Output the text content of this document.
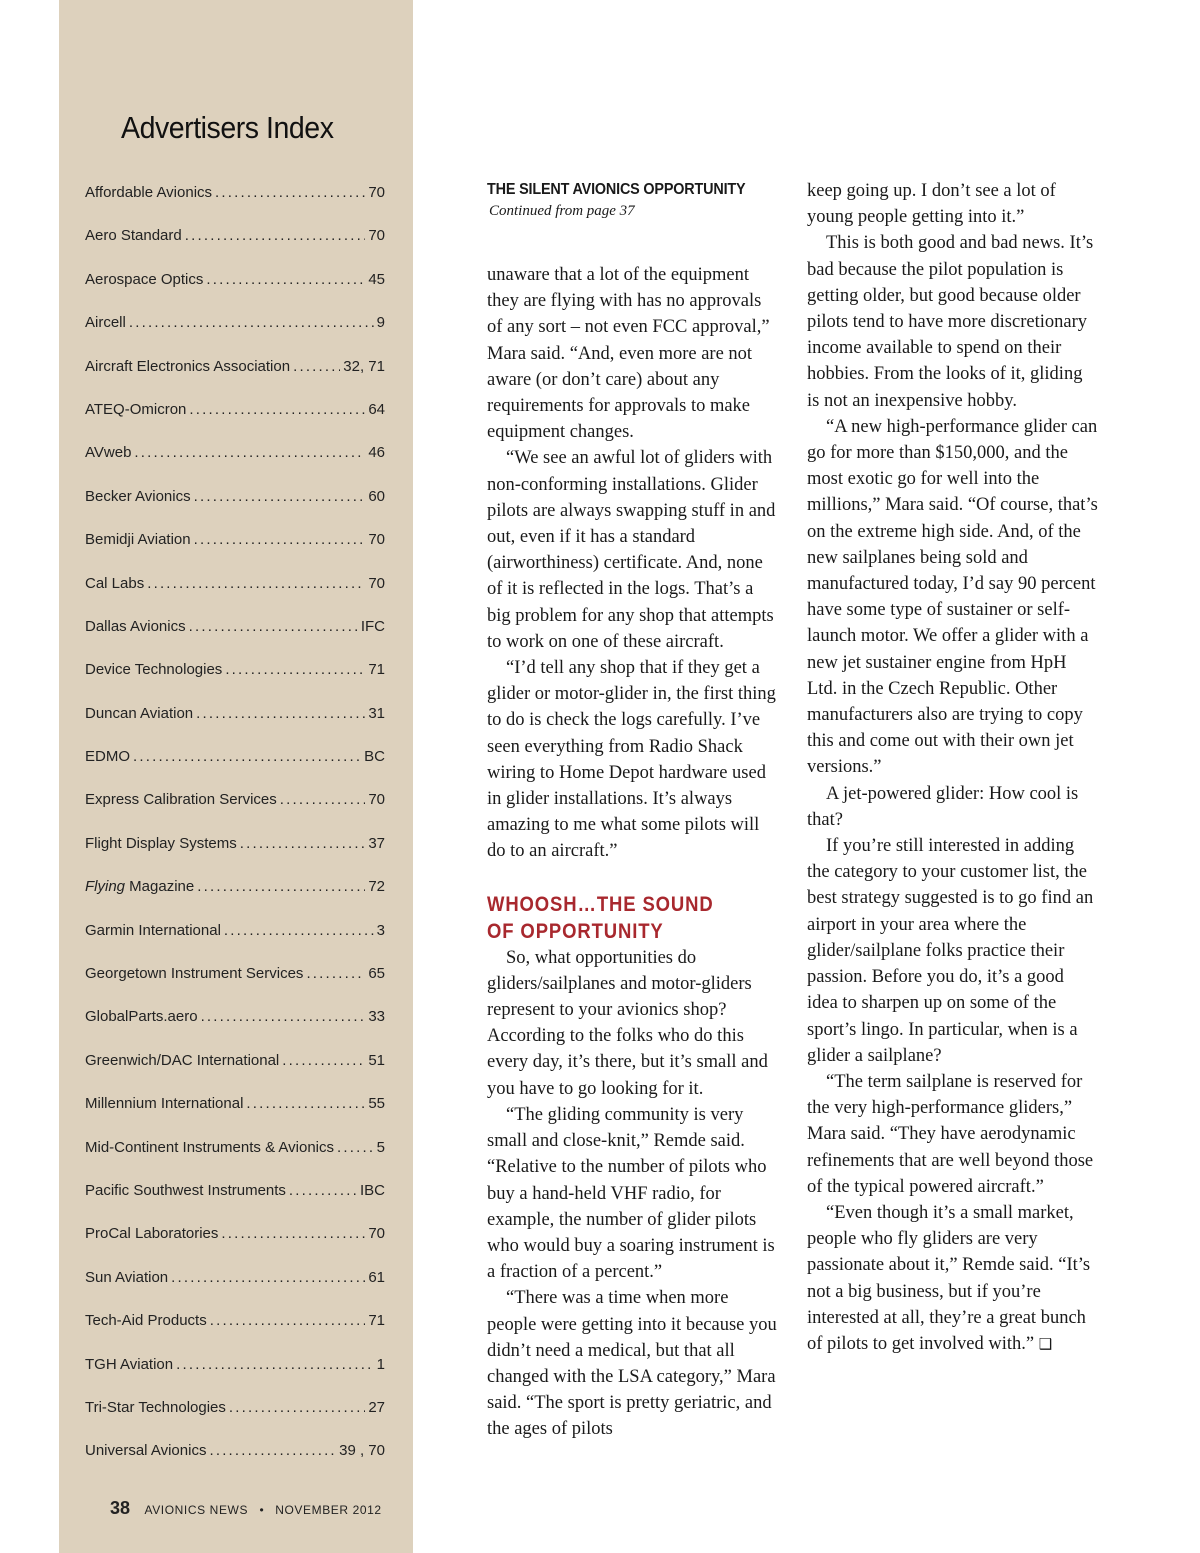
Advertisers Index
Affordable Avionics .....	70
Aero Standard .....	70
Aerospace Optics .....	45
Aircell .....	9
Aircraft Electronics Association .....	32, 71
ATEQ-Omicron .....	64
AVweb .....	46
Becker Avionics .....	60
Bemidji Aviation .....	70
Cal Labs .....	70
Dallas Avionics .....	IFC
Device Technologies .....	71
Duncan Aviation .....	31
EDMO .....	BC
Express Calibration Services .....	70
Flight Display Systems .....	37
Flying Magazine .....	72
Garmin International .....	3
Georgetown Instrument Services .....	65
GlobalParts.aero .....	33
Greenwich/DAC International .....	51
Millennium International .....	55
Mid-Continent Instruments & Avionics .....	5
Pacific Southwest Instruments .....	IBC
ProCal Laboratories .....	70
Sun Aviation .....	61
Tech-Aid Products .....	71
TGH Aviation .....	1
Tri-Star Technologies .....	27
Universal Avionics .....	39 , 70
38 AVIONICS NEWS • NOVEMBER 2012
THE SILENT AVIONICS OPPORTUNITY
Continued from page 37

unaware that a lot of the equipment they are flying with has no approvals of any sort – not even FCC approval,” Mara said. “And, even more are not aware (or don’t care) about any requirements for approvals to make equipment changes.

“We see an awful lot of gliders with non-conforming installations. Glider pilots are always swapping stuff in and out, even if it has a standard (airworthiness) certificate. And, none of it is reflected in the logs. That’s a big problem for any shop that attempts to work on one of these aircraft.

“I’d tell any shop that if they get a glider or motor-glider in, the first thing to do is check the logs carefully. I’ve seen everything from Radio Shack wiring to Home Depot hardware used in glider installations. It’s always amazing to me what some pilots will do to an aircraft.”

WHOOSH…THE SOUND
OF OPPORTUNITY

So, what opportunities do gliders/sailplanes and motor-gliders represent to your avionics shop? According to the folks who do this every day, it’s there, but it’s small and you have to go looking for it.

“The gliding community is very small and close-knit,” Remde said. “Relative to the number of pilots who buy a hand-held VHF radio, for example, the number of glider pilots who would buy a soaring instrument is a fraction of a percent.”

“There was a time when more people were getting into it because you didn’t need a medical, but that all changed with the LSA category,” Mara said. “The sport is pretty geriatric, and the ages of pilots

keep going up. I don’t see a lot of young people getting into it.”

This is both good and bad news. It’s bad because the pilot population is getting older, but good because older pilots tend to have more discretionary income available to spend on their hobbies. From the looks of it, gliding is not an inexpensive hobby.

“A new high-performance glider can go for more than $150,000, and the most exotic go for well into the millions,” Mara said. “Of course, that’s on the extreme high side. And, of the new sailplanes being sold and manufactured today, I’d say 90 percent have some type of sustainer or self-launch motor. We offer a glider with a new jet sustainer engine from HpH Ltd. in the Czech Republic. Other manufacturers also are trying to copy this and come out with their own jet versions.”

A jet-powered glider: How cool is that?

If you’re still interested in adding the category to your customer list, the best strategy suggested is to go find an airport in your area where the glider/sailplane folks practice their passion. Before you do, it’s a good idea to sharpen up on some of the sport’s lingo. In particular, when is a glider a sailplane?

“The term sailplane is reserved for the very high-performance gliders,” Mara said. “They have aerodynamic refinements that are well beyond those of the typical powered aircraft.”

“Even though it’s a small market, people who fly gliders are very passionate about it,” Remde said. “It’s not a big business, but if you’re interested at all, they’re a great bunch of pilots to get involved with.” ❑
